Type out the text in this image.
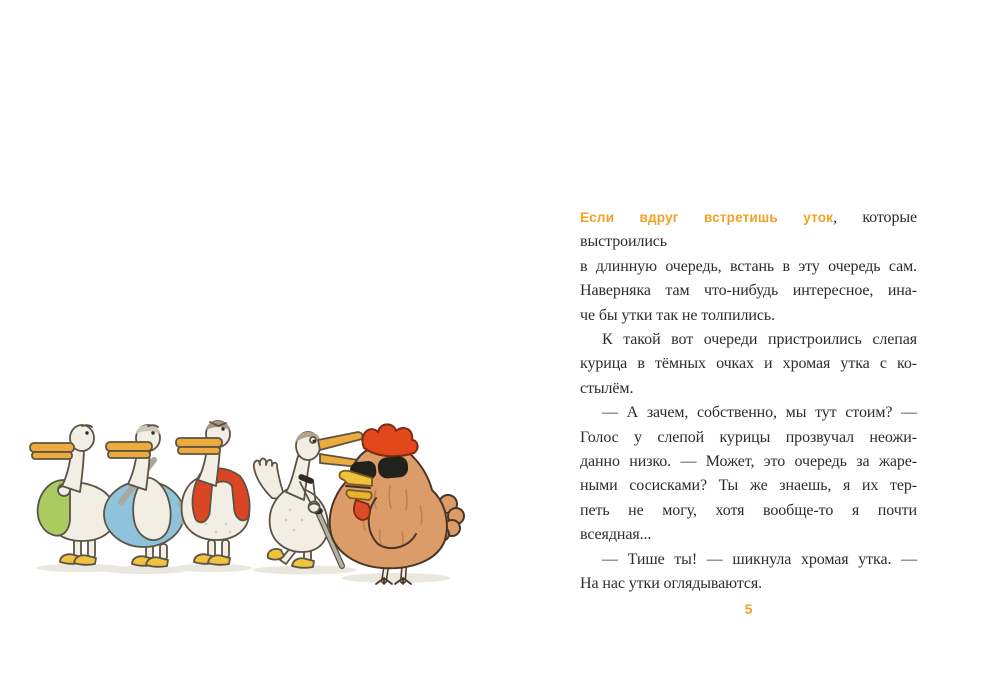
Если вдруг встретишь уток, которые выстроились
в длинную очередь, встань в эту очередь сам.
Наверняка там что-нибудь интересное, ина-
че бы утки так не толпились.
К такой вот очереди пристроились слепая
курица в тёмных очках и хромая утка с ко-
стылём.
— А зачем, собственно, мы тут стоим? —
Голос у слепой курицы прозвучал неожи-
данно низко. — Может, это очередь за жаре-
ными сосисками? Ты же знаешь, я их тер-
петь не могу, хотя вообще-то я почти
всеядная...
— Тише ты! — шикнула хромая утка. —
На нас утки оглядываются.
5
